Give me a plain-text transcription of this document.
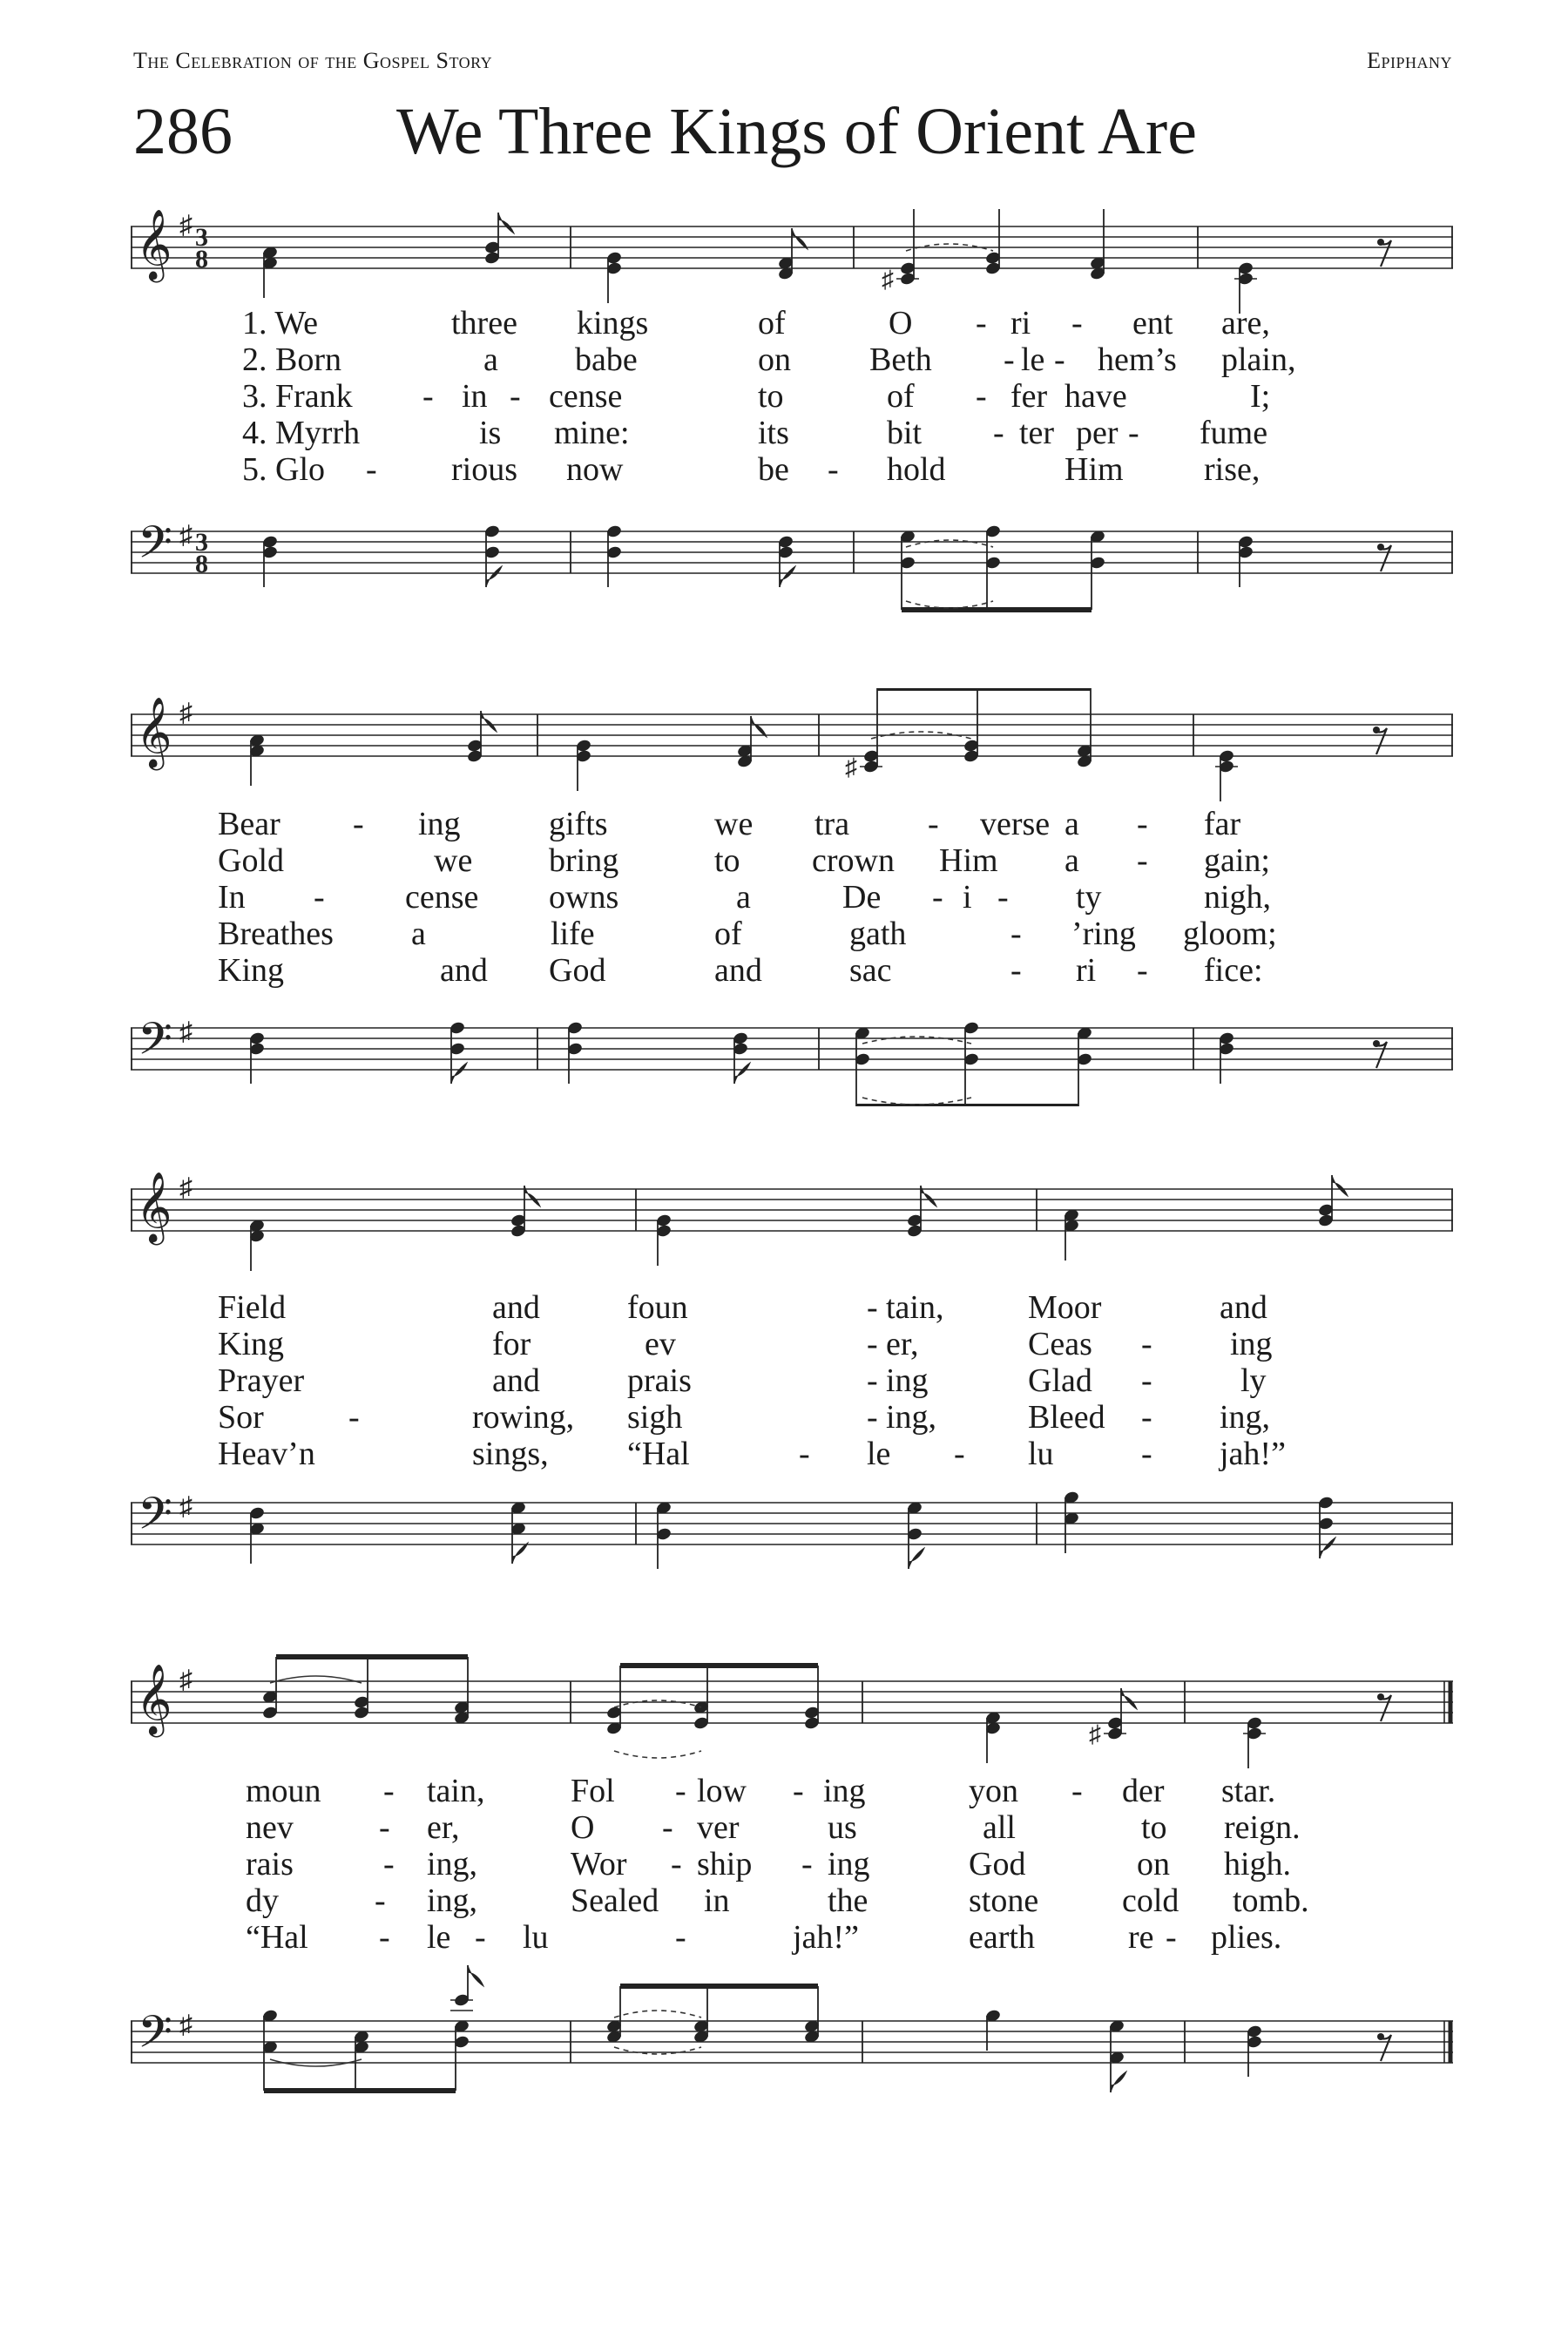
The Celebration of the Gospel Story	Epiphany
286 We Three Kings of Orient Are
𝄞
𝄢
♯
♯
3
8
3
8
♯
𝄞
𝄢
♯
♯
♯
𝄞
𝄢
♯
♯
𝄞
𝄢
♯
♯
♯
1. We	three kings	of	O - ri - ent are,
2. Born	a babe	on Beth - le - hem’s plain,
3. Frank - in - cense	to	of - fer have	I;
4. Myrrh	is mine:	its	bit - ter per - fume
5. Glo - rious now	be - hold	Him rise,
Bear - ing	gifts	we tra - verse a - far
Gold	we bring	to crown Him a - gain;
In - cense owns	a	De - i - ty	nigh,
Breathes a	life	of	gath	- ’ring gloom;
King	and God	and	sac	- ri - fice:
Field	and	foun	- tain,	Moor	and
King	for	ev	- er,	Ceas - ing
Prayer	and	prais	- ing	Glad -	ly
Sor	-	rowing, sigh	- ing,	Bleed - ing,
Heav’n	sings, “Hal	- le - lu	- jah!”
moun - tain,	Fol - low - ing	yon - der star.
nev	- er,	O - ver	us	all	to reign.
rais	- ing,	Wor - ship - ing	God	on high.
dy	- ing,	Sealed in	the	stone	cold tomb.
“Hal - le - lu	-	jah!”	earth	re - plies.
